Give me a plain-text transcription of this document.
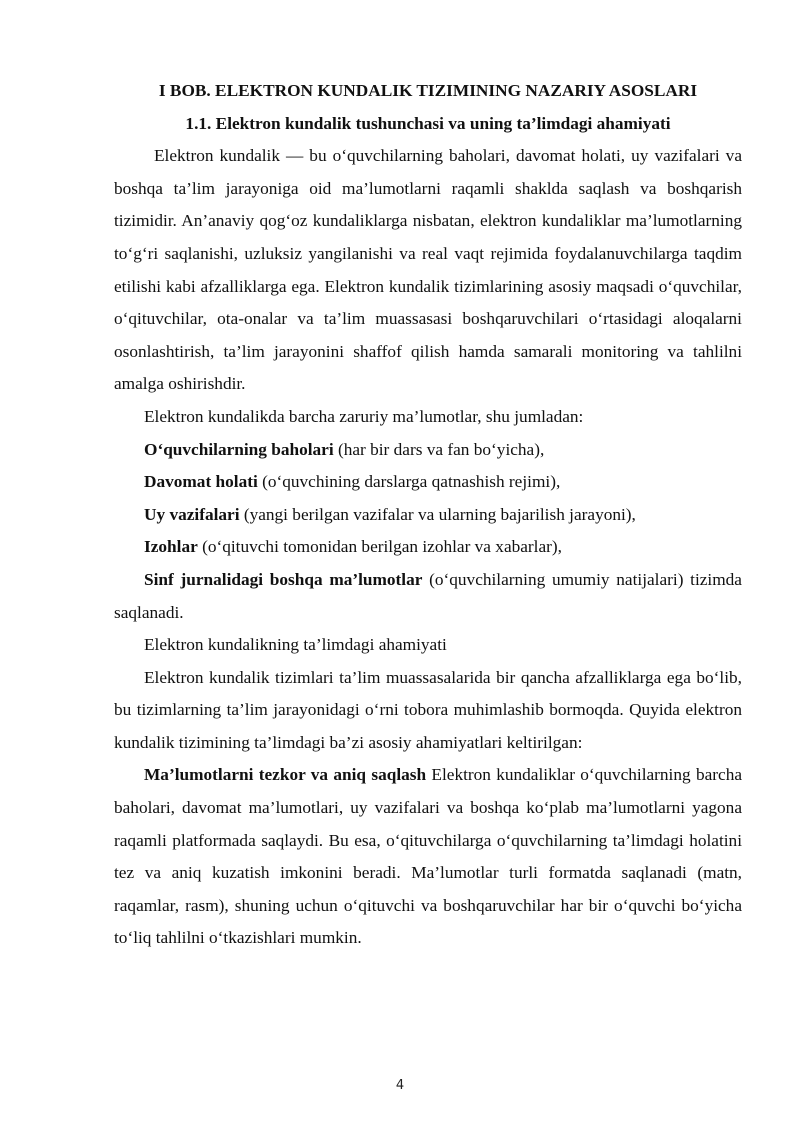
I BOB. ELEKTRON KUNDALIK TIZIMINING NAZARIY ASOSLARI
1.1. Elektron kundalik tushunchasi va uning ta’limdagi ahamiyati

Elektron kundalik — bu o‘quvchilarning baholari, davomat holati, uy vazifalari va boshqa ta’lim jarayoniga oid ma’lumotlarni raqamli shaklda saqlash va boshqarish tizimidir. An’anaviy qog‘oz kundaliklarga nisbatan, elektron kundaliklar ma’lumotlarning to‘g‘ri saqlanishi, uzluksiz yangilanishi va real vaqt rejimida foydalanuvchilarga taqdim etilishi kabi afzalliklarga ega. Elektron kundalik tizimlarining asosiy maqsadi o‘quvchilar, o‘qituvchilar, ota-onalar va ta’lim muassasasi boshqaruvchilari o‘rtasidagi aloqalarni osonlashtirish, ta’lim jarayonini shaffof qilish hamda samarali monitoring va tahlilni amalga oshirishdir.

Elektron kundalikda barcha zaruriy ma’lumotlar, shu jumladan:

O‘quvchilarning baholari (har bir dars va fan bo‘yicha),

Davomat holati (o‘quvchining darslarga qatnashish rejimi),

Uy vazifalari (yangi berilgan vazifalar va ularning bajarilish jarayoni),

Izohlar (o‘qituvchi tomonidan berilgan izohlar va xabarlar),

Sinf jurnalidagi boshqa ma’lumotlar (o‘quvchilarning umumiy natijalari) tizimda saqlanadi.

Elektron kundalikning ta’limdagi ahamiyati

Elektron kundalik tizimlari ta’lim muassasalarida bir qancha afzalliklarga ega bo‘lib, bu tizimlarning ta’lim jarayonidagi o‘rni tobora muhimlashib bormoqda. Quyida elektron kundalik tizimining ta’limdagi ba’zi asosiy ahamiyatlari keltirilgan:

Ma’lumotlarni tezkor va aniq saqlash Elektron kundaliklar o‘quvchilarning barcha baholari, davomat ma’lumotlari, uy vazifalari va boshqa ko‘plab ma’lumotlarni yagona raqamli platformada saqlaydi. Bu esa, o‘qituvchilarga o‘quvchilarning ta’limdagi holatini tez va aniq kuzatish imkonini beradi. Ma’lumotlar turli formatda saqlanadi (matn, raqamlar, rasm), shuning uchun o‘qituvchi va boshqaruvchilar har bir o‘quvchi bo‘yicha to‘liq tahlilni o‘tkazishlari mumkin.

4
